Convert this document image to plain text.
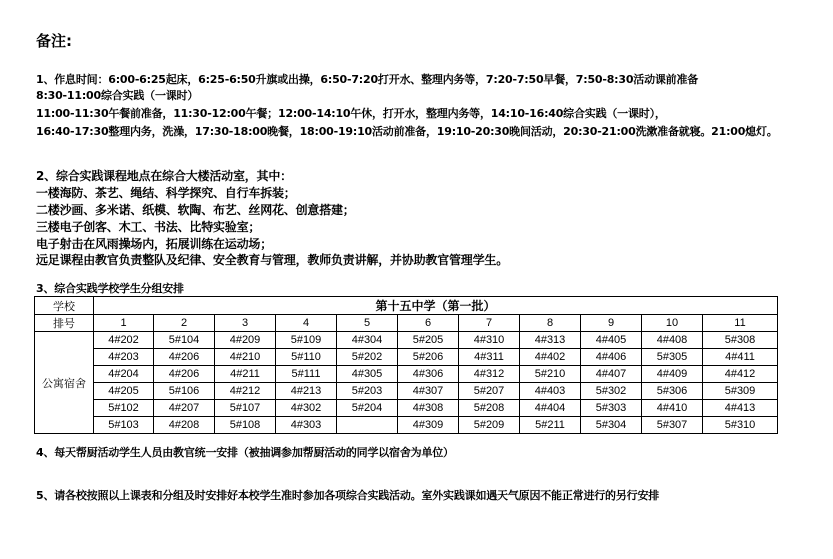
备注:
1、作息时间：6:00-6:25起床，6:25-6:50升旗或出操，6:50-7:20打开水、整理内务等，7:20-7:50早餐，7:50-8:30活动课前准备
8:30-11:00综合实践（一课时）
11:00-11:30午餐前准备，11:30-12:00午餐；12:00-14:10午休，打开水，整理内务等，14:10-16:40综合实践（一课时），
16:40-17:30整理内务，洗澡，17:30-18:00晚餐，18:00-19:10活动前准备，19:10-20:30晚间活动，20:30-21:00洗漱准备就寝。21:00熄灯。
2、综合实践课程地点在综合大楼活动室，其中：
一楼海防、茶艺、绳结、科学探究、自行车拆装；
二楼沙画、多米诺、纸模、软陶、布艺、丝网花、创意搭建；
三楼电子创客、木工、书法、比特实验室；
电子射击在风雨操场内，拓展训练在运动场；
远足课程由教官负责整队及纪律、安全教育与管理，教师负责讲解，并协助教官管理学生。
3、综合实践学校学生分组安排
学校	第十五中学（第一批）										
排号	1	2	3	4	5	6	7	8	9	10	11
公寓宿舍	4#202	5#104	4#209	5#109	4#304	5#205	4#310	4#313	4#405	4#408	5#308
	4#203	4#206	4#210	5#110	5#202	5#206	4#311	4#402	4#406	5#305	4#411
	4#204	4#206	4#211	5#111	4#305	4#306	4#312	5#210	4#407	4#409	4#412
	4#205	5#106	4#212	4#213	5#203	4#307	5#207	4#403	5#302	5#306	5#309
	5#102	4#207	5#107	4#302	5#204	4#308	5#208	4#404	5#303	4#410	4#413
	5#103	4#208	5#108	4#303		4#309	5#209	5#211	5#304	5#307	5#310
4、每天帮厨活动学生人员由教官统一安排（被抽调参加帮厨活动的同学以宿舍为单位）
5、请各校按照以上课表和分组及时安排好本校学生准时参加各项综合实践活动。室外实践课如遇天气原因不能正常进行的另行安排
